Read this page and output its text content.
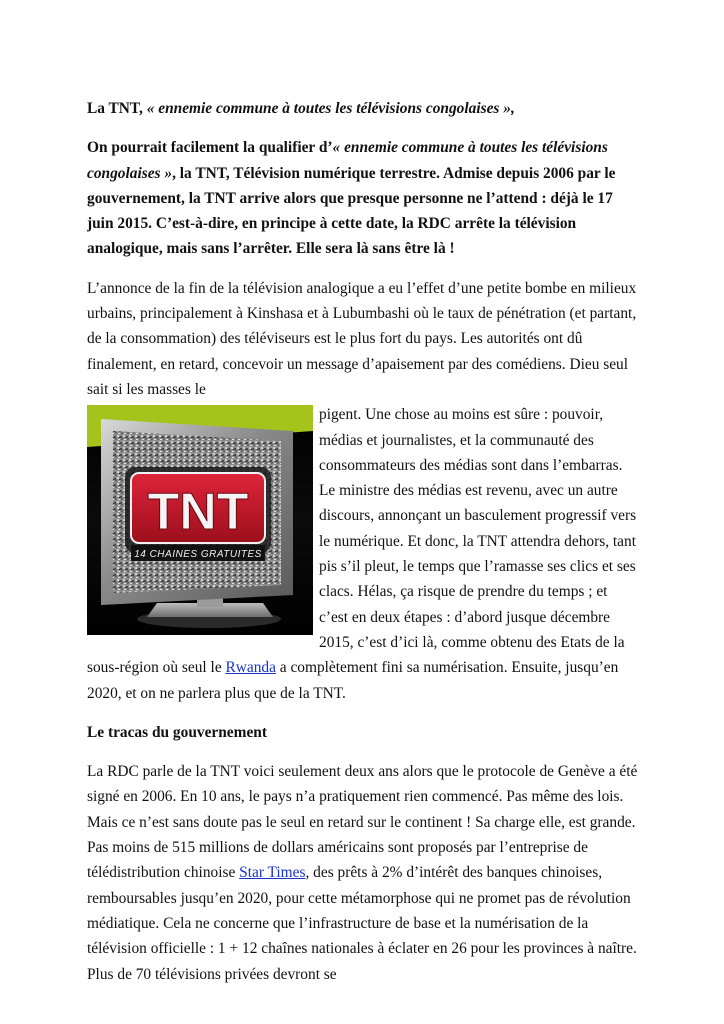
La TNT, « ennemie commune à toutes les télévisions congolaises »,

On pourrait facilement la qualifier d’« ennemie commune à toutes les télévisions congolaises », la TNT, Télévision numérique terrestre. Admise depuis 2006 par le gouvernement, la TNT arrive alors que presque personne ne l’attend : déjà le 17 juin 2015. C’est-à-dire, en principe à cette date, la RDC arrête la télévision analogique, mais sans l’arrêter. Elle sera là sans être là !

L’annonce de la fin de la télévision analogique a eu l’effet d’une petite bombe en milieux urbains, principalement à Kinshasa et à Lubumbashi où le taux de pénétration (et partant, de la consommation) des téléviseurs est le plus fort du pays. Les autorités ont dû finalement, en retard, concevoir un message d’apaisement par des comédiens. Dieu seul sait si les masses le

TNT
14 CHAINES GRATUITES

pigent. Une chose au moins est sûre : pouvoir, médias et journalistes, et la communauté des consommateurs des médias sont dans l’embarras. Le ministre des médias est revenu, avec un autre discours, annonçant un basculement progressif vers le numérique. Et donc, la TNT attendra dehors, tant pis s’il pleut, le temps que l’ramasse ses clics et ses clacs. Hélas, ça risque de prendre du temps ; et c’est en deux étapes : d’abord jusque décembre 2015, c’est d’ici là, comme obtenu des Etats de la sous-région où seul le Rwanda a complètement fini sa numérisation. Ensuite, jusqu’en 2020, et on ne parlera plus que de la TNT.

Le tracas du gouvernement

La RDC parle de la TNT voici seulement deux ans alors que le protocole de Genève a été signé en 2006. En 10 ans, le pays n’a pratiquement rien commencé. Pas même des lois. Mais ce n’est sans doute pas le seul en retard sur le continent ! Sa charge elle, est grande. Pas moins de 515 millions de dollars américains sont proposés par l’entreprise de télédistribution chinoise Star Times, des prêts à 2% d’intérêt des banques chinoises, remboursables jusqu’en 2020, pour cette métamorphose qui ne promet pas de révolution médiatique. Cela ne concerne que l’infrastructure de base et la numérisation de la télévision officielle : 1 + 12 chaînes nationales à éclater en 26 pour les provinces à naître. Plus de 70 télévisions privées devront se
